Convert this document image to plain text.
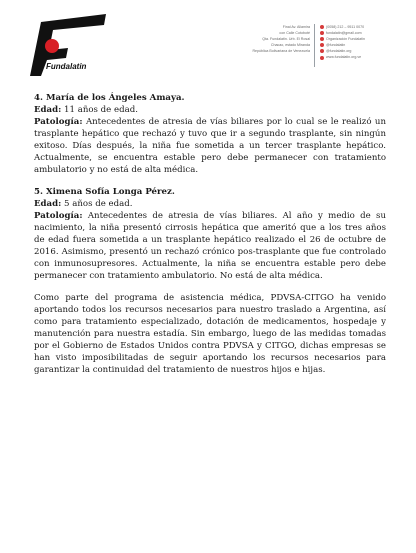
Fundalatin
Final Av. Allamira
con Calle Cotoboté
Qta. Fundalatin. Urb. El Rosal
Chacao, estado Miranda
República Bolivariana de Venezuela
(0058) 212 – 9511 0070
fundalatin@gmail.com
Organización Fundalatin
@fundalatin
@fundalatin.org
www.fundalatin.org.ve

4. María de los Ángeles Amaya.

Edad: 11 años de edad.

Patología: Antecedentes de atresia de vías biliares por lo cual se le realizó un trasplante hepático que rechazó y tuvo que ir a segundo trasplante, sin ningún exitoso. Días después, la niña fue sometida a un tercer trasplante hepático. Actualmente, se encuentra estable pero debe permanecer con tratamiento ambulatorio y no está de alta médica.

5. Ximena Sofía Longa Pérez.

Edad: 5 años de edad.

Patología: Antecedentes de atresia de vías biliares. Al año y medio de su nacimiento, la niña presentó cirrosis hepática que ameritó que a los tres años de edad fuera sometida a un trasplante hepático realizado el 26 de octubre de 2016. Asimismo, presentó un rechazó crónico pos-trasplante que fue controlado con inmunosupresores. Actualmente, la niña se encuentra estable pero debe permanecer con tratamiento ambulatorio. No está de alta médica.

Como parte del programa de asistencia médica, PDVSA-CITGO ha venido aportando todos los recursos necesarios para nuestro traslado a Argentina, así como para tratamiento especializado, dotación de medicamentos, hospedaje y manutención para nuestra estadía. Sin embargo, luego de las medidas tomadas por el Gobierno de Estados Unidos contra PDVSA y CITGO, dichas empresas se han visto imposibilitadas de seguir aportando los recursos necesarios para garantizar la continuidad del tratamiento de nuestros hijos e hijas.
